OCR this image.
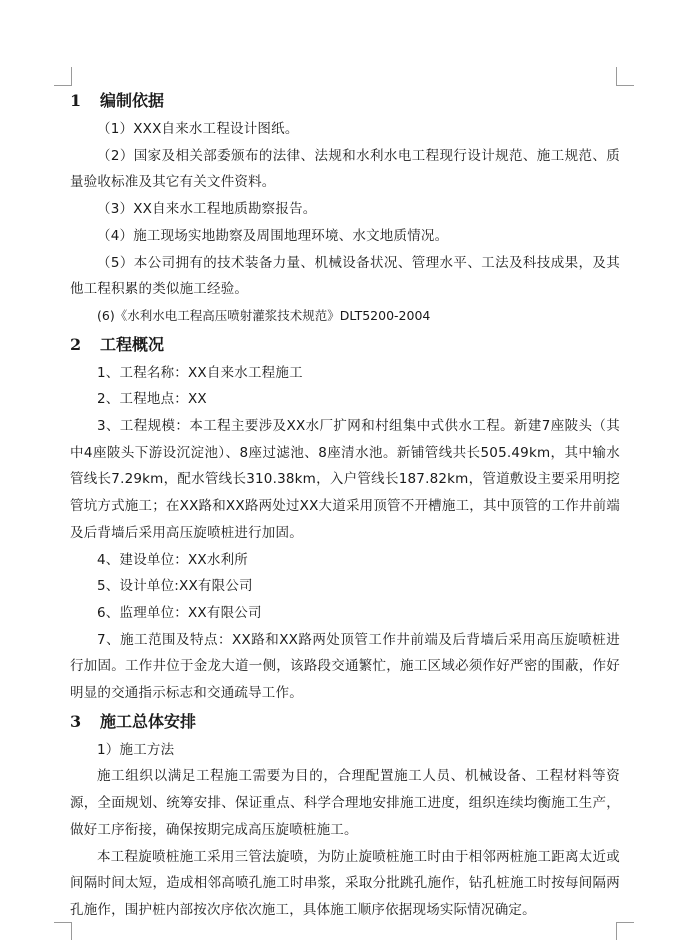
1 编制依据

（1）XXX自来水工程设计图纸。

（2）国家及相关部委颁布的法律、法规和水利水电工程现行设计规范、施工规范、质量验收标准及其它有关文件资料。

（3）XX自来水工程地质勘察报告。

（4）施工现场实地勘察及周围地理环境、水文地质情况。

（5）本公司拥有的技术装备力量、机械设备状况、管理水平、工法及科技成果，及其他工程积累的类似施工经验。

(6)《水利水电工程高压喷射灌浆技术规范》DLT5200-2004

2 工程概况

1、工程名称：XX自来水工程施工

2、工程地点：XX

3、工程规模：本工程主要涉及XX水厂扩网和村组集中式供水工程。新建7座陂头（其中4座陂头下游设沉淀池）、8座过滤池、8座清水池。新铺管线共长505.49km，其中输水管线长7.29km，配水管线长310.38km，入户管线长187.82km，管道敷设主要采用明挖管坑方式施工；在XX路和XX路两处过XX大道采用顶管不开槽施工，其中顶管的工作井前端及后背墙后采用高压旋喷桩进行加固。

4、建设单位：XX水利所

5、设计单位:XX有限公司

6、监理单位：XX有限公司

7、施工范围及特点：XX路和XX路两处顶管工作井前端及后背墙后采用高压旋喷桩进行加固。工作井位于金龙大道一侧，该路段交通繁忙，施工区域必须作好严密的围蔽，作好明显的交通指示标志和交通疏导工作。

3 施工总体安排

1）施工方法

施工组织以满足工程施工需要为目的，合理配置施工人员、机械设备、工程材料等资源，全面规划、统筹安排、保证重点、科学合理地安排施工进度，组织连续均衡施工生产，做好工序衔接，确保按期完成高压旋喷桩施工。

本工程旋喷桩施工采用三管法旋喷，为防止旋喷桩施工时由于相邻两桩施工距离太近或间隔时间太短，造成相邻高喷孔施工时串浆，采取分批跳孔施作，钻孔桩施工时按每间隔两孔施作，围护桩内部按次序依次施工，具体施工顺序依据现场实际情况确定。
